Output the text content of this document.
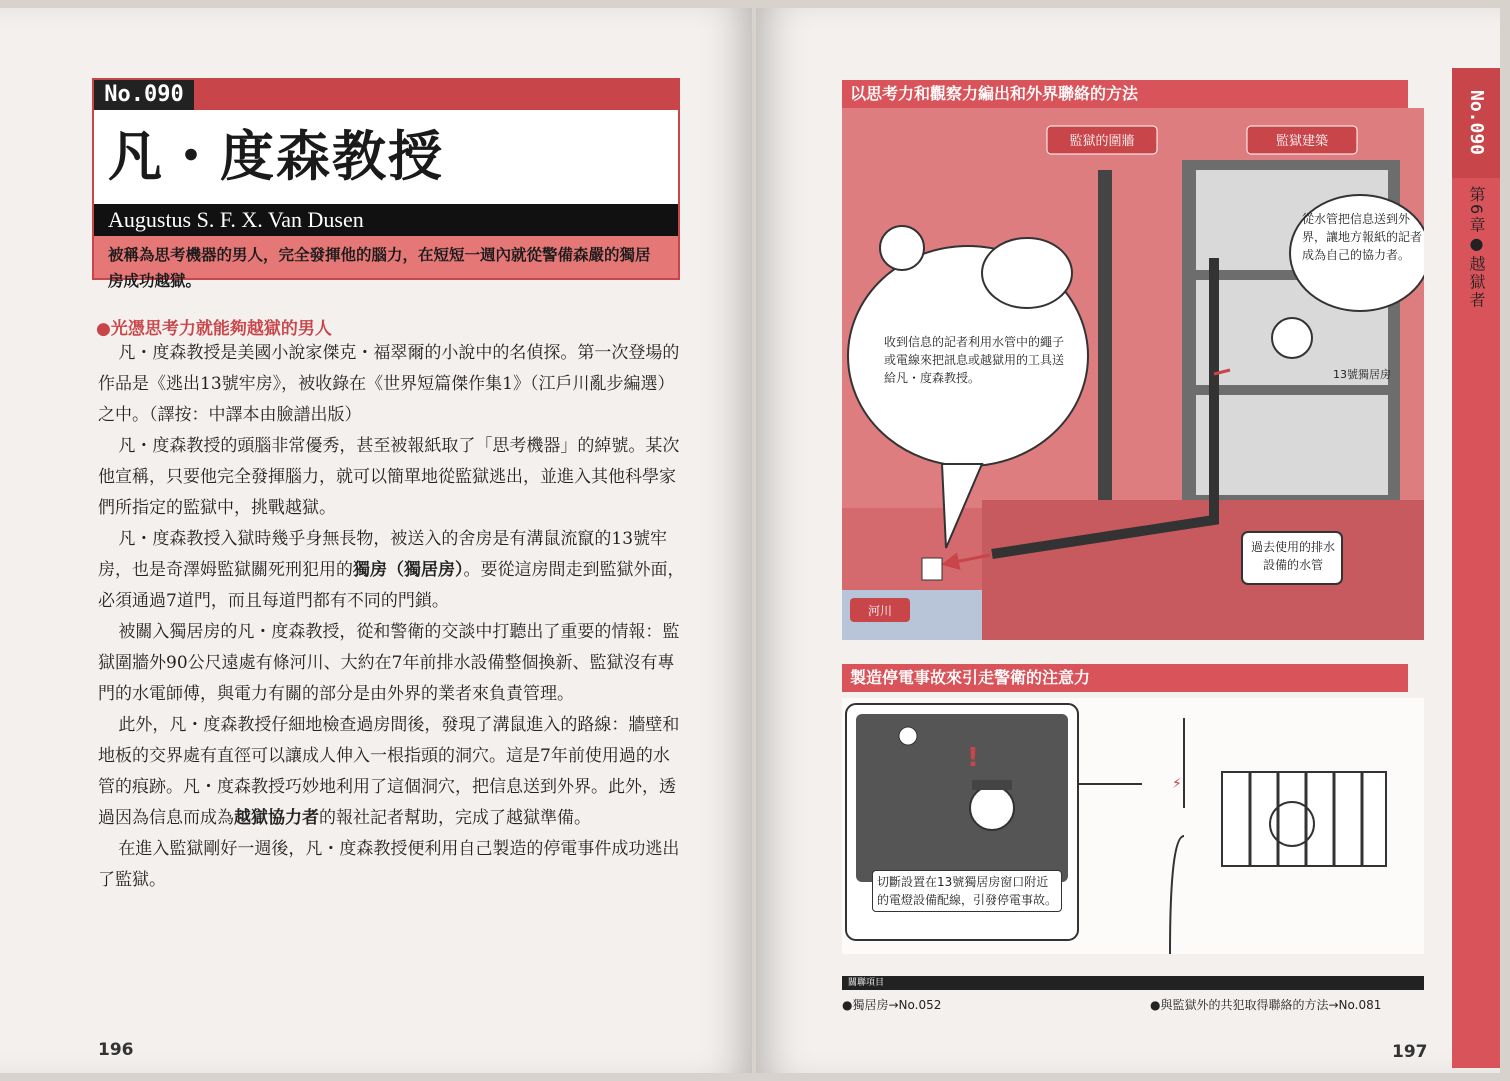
No.090
凡・度森教授
Augustus S. F. X. Van Dusen
被稱為思考機器的男人，完全發揮他的腦力，在短短一週內就從警備森嚴的獨居房成功越獄。
●光憑思考力就能夠越獄的男人

凡・度森教授是美國小說家傑克・福翠爾的小說中的名偵探。第一次登場的作品是《逃出13號牢房》，被收錄在《世界短篇傑作集1》（江戶川亂步編選）之中。（譯按：中譯本由臉譜出版）

凡・度森教授的頭腦非常優秀，甚至被報紙取了「思考機器」的綽號。某次他宣稱，只要他完全發揮腦力，就可以簡單地從監獄逃出，並進入其他科學家們所指定的監獄中，挑戰越獄。

凡・度森教授入獄時幾乎身無長物，被送入的舍房是有溝鼠流竄的13號牢房，也是奇澤姆監獄關死刑犯用的獨房（獨居房）。要從這房間走到監獄外面，必須通過7道門，而且每道門都有不同的門鎖。

被關入獨居房的凡・度森教授，從和警衛的交談中打聽出了重要的情報：監獄圍牆外90公尺遠處有條河川、大約在7年前排水設備整個換新、監獄沒有專門的水電師傅，與電力有關的部分是由外界的業者來負責管理。

此外，凡・度森教授仔細地檢查過房間後，發現了溝鼠進入的路線：牆壁和地板的交界處有直徑可以讓成人伸入一根指頭的洞穴。這是7年前使用過的水管的痕跡。凡・度森教授巧妙地利用了這個洞穴，把信息送到外界。此外，透過因為信息而成為越獄協力者的報社記者幫助，完成了越獄準備。

在進入監獄剛好一週後，凡・度森教授便利用自己製造的停電事件成功逃出了監獄。

196
以思考力和觀察力編出和外界聯絡的方法
監獄的圍牆	監獄建築
13號獨居房
從水管把信息送到外界，讓地方報紙的記者成為自己的協力者。
收到信息的記者利用水管中的繩子或電線來把訊息或越獄用的工具送給凡・度森教授。
過去使用的排水設備的水管
河川
製造停電事故來引走警衛的注意力
!
切斷設置在13號獨居房窗口附近的電燈設備配線，引發停電事故。
⚡
關聯項目
●獨居房→No.052	●與監獄外的共犯取得聯絡的方法→No.081
No.090
第6章●越獄者
197
